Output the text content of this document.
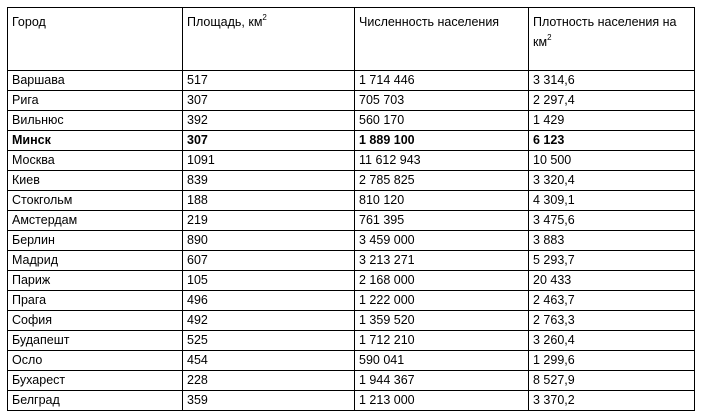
Город	Площадь, $км^2$	Численность населения	Плотность населения на $км^2$
Варшава	517	1 714 446	3 314,6
Рига	307	705 703	2 297,4
Вильнюс	392	560 170	1 429
Минск	307	1 889 100	6 123
Москва	1091	11 612 943	10 500
Киев	839	2 785 825	3 320,4
Стокгольм	188	810 120	4 309,1
Амстердам	219	761 395	3 475,6
Берлин	890	3 459 000	3 883
Мадрид	607	3 213 271	5 293,7
Париж	105	2 168 000	20 433
Прага	496	1 222 000	2 463,7
София	492	1 359 520	2 763,3
Будапешт	525	1 712 210	3 260,4
Осло	454	590 041	1 299,6
Бухарест	228	1 944 367	8 527,9
Белград	359	1 213 000	3 370,2
